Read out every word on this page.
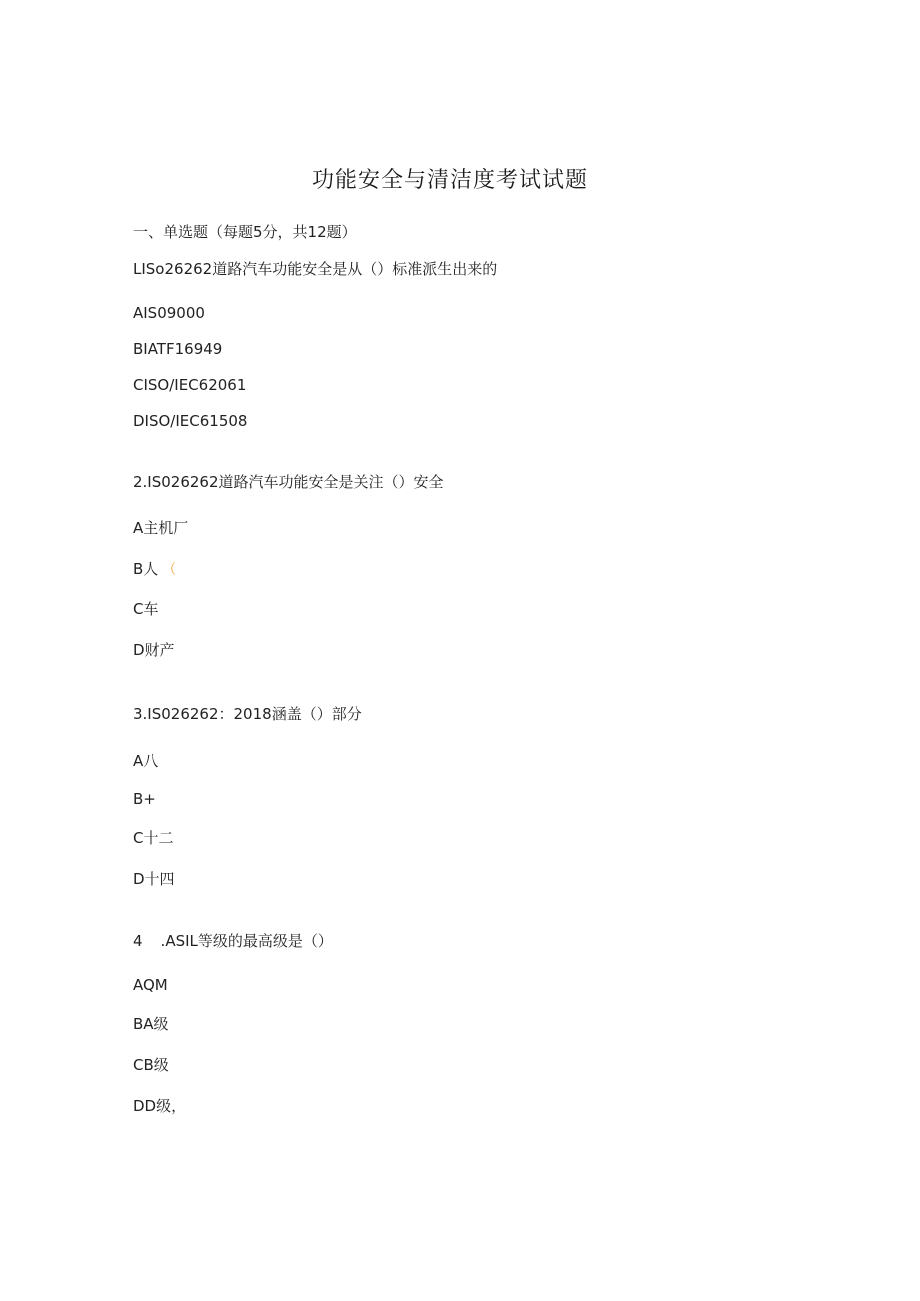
功能安全与清洁度考试试题
一、单选题（每题5分，共12题）
LISo26262道路汽车功能安全是从（）标准派生出来的
AIS09000
BIATF16949
CISO/IEC62061
DISO/IEC61508
2.IS026262道路汽车功能安全是关注（）安全
A主机厂
B人 （
C车
D财产
3.IS026262：2018涵盖（）部分
A八
B+
C十二
D十四
4 .ASIL等级的最高级是（）
AQM
BA级
CB级
DD级，
